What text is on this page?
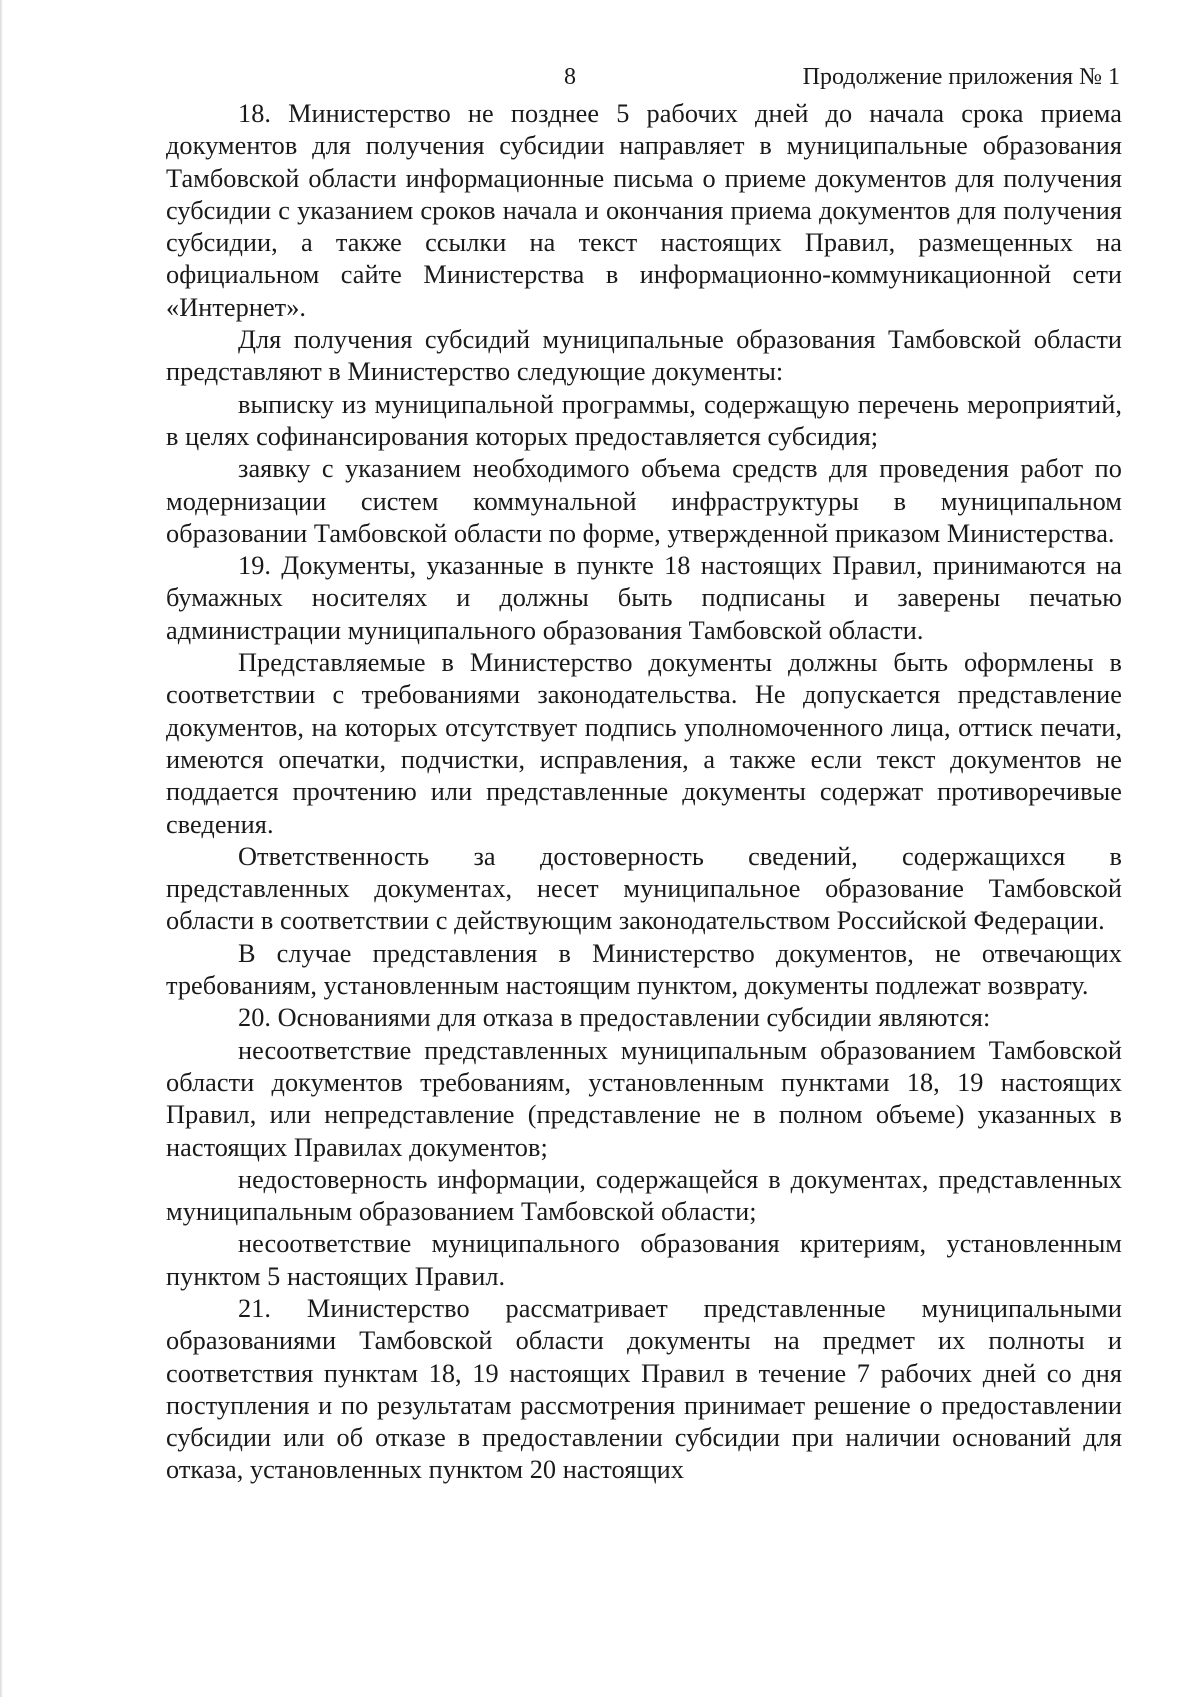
8	Продолжение приложения № 1

18. Министерство не позднее 5 рабочих дней до начала срока приема документов для получения субсидии направляет в муниципальные образования Тамбовской области информационные письма о приеме документов для получения субсидии с указанием сроков начала и окончания приема документов для получения субсидии, а также ссылки на текст настоящих Правил, размещенных на официальном сайте Министерства в информационно-коммуникационной сети «Интернет».

Для получения субсидий муниципальные образования Тамбовской области представляют в Министерство следующие документы:

выписку из муниципальной программы, содержащую перечень мероприятий, в целях софинансирования которых предоставляется субсидия;

заявку с указанием необходимого объема средств для проведения работ по модернизации систем коммунальной инфраструктуры в муниципальном образовании Тамбовской области по форме, утвержденной приказом Министерства.

19. Документы, указанные в пункте 18 настоящих Правил, принимаются на бумажных носителях и должны быть подписаны и заверены печатью администрации муниципального образования Тамбовской области.

Представляемые в Министерство документы должны быть оформлены в соответствии с требованиями законодательства. Не допускается представление документов, на которых отсутствует подпись уполномоченного лица, оттиск печати, имеются опечатки, подчистки, исправления, а также если текст документов не поддается прочтению или представленные документы содержат противоречивые сведения.

Ответственность за достоверность сведений, содержащихся в представленных документах, несет муниципальное образование Тамбовской области в соответствии с действующим законодательством Российской Федерации.

В случае представления в Министерство документов, не отвечающих требованиям, установленным настоящим пунктом, документы подлежат возврату.

20. Основаниями для отказа в предоставлении субсидии являются:

несоответствие представленных муниципальным образованием Тамбовской области документов требованиям, установленным пунктами 18, 19 настоящих Правил, или непредставление (представление не в полном объеме) указанных в настоящих Правилах документов;

недостоверность информации, содержащейся в документах, представленных муниципальным образованием Тамбовской области;

несоответствие муниципального образования критериям, установленным пунктом 5 настоящих Правил.

21. Министерство рассматривает представленные муниципальными образованиями Тамбовской области документы на предмет их полноты и соответствия пунктам 18, 19 настоящих Правил в течение 7 рабочих дней со дня поступления и по результатам рассмотрения принимает решение о предоставлении субсидии или об отказе в предоставлении субсидии при наличии оснований для отказа, установленных пунктом 20 настоящих
